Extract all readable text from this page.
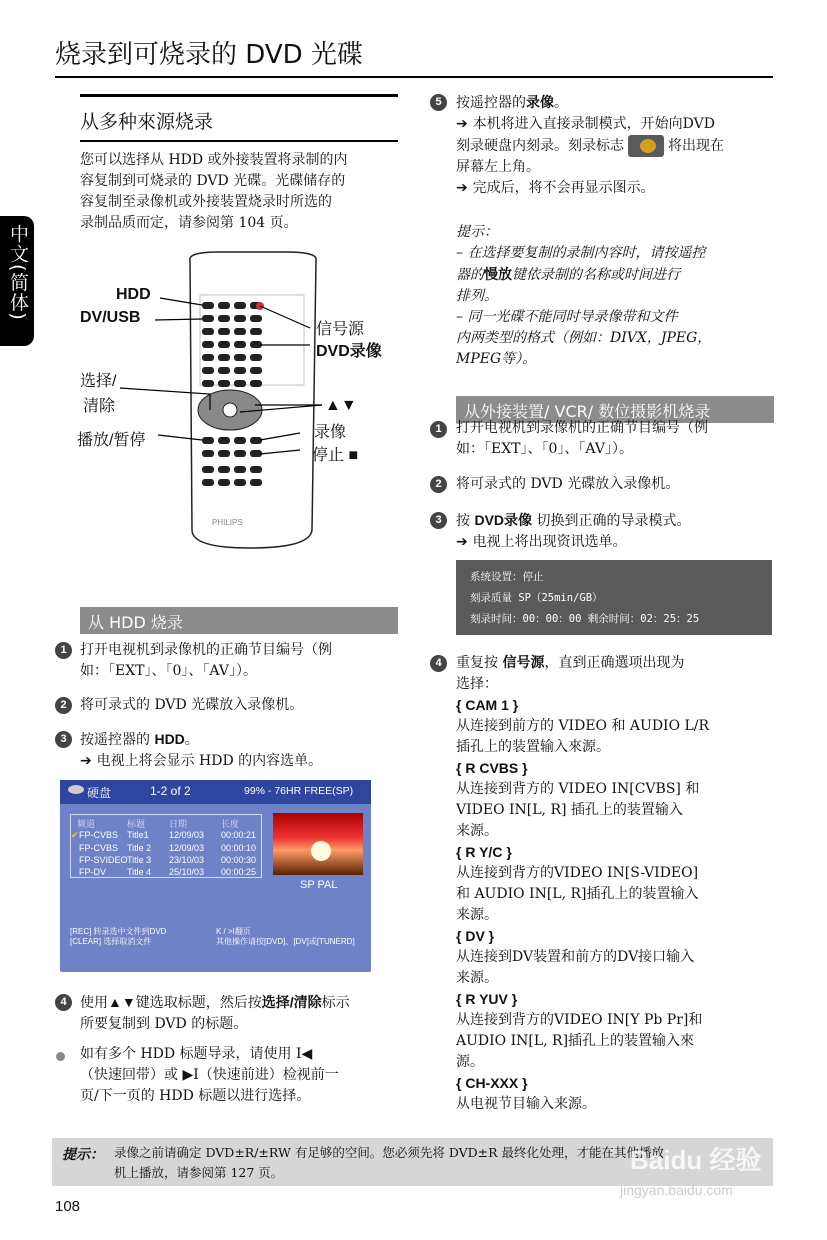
烧录到可烧录的 DVD 光碟
中文(简体)
从多种來源烧录
您可以选择从 HDD 或外接装置将录制的内
容复制到可烧录的 DVD 光碟。光碟储存的
容复制至录像机或外接装置烧录时所选的
录制品质而定，请参阅第 104 页。
HDD
DV/USB
选择/
清除
播放/暂停
信号源
DVD录像
▲▼
录像
停止 ■
PHILIPS
从 HDD 烧录
1 打开电视机到录像机的正确节目编号（例
如：「EXT」、「0」、「AV」）。
2 将可录式的 DVD 光碟放入录像机。
3 按遥控器的 HDD。
➔ 电视上将会显示 HDD 的内容选单。
硬盘	1-2 of 2	99% - 76HR FREE(SP)
频道	标题	日期	长度
✔ FP-CVBS Title1 12/09/03 00:00:21
FP-CVBS Title 2 12/09/03 00:00:10
FP-SVIDEO Title 3 23/10/03 00:00:30
FP-DV Title 4 25/10/03 00:00:25
SP PAL
[REC] 转录选中文件到DVD
[CLEAR] 选择取消文件
K / >I翻页
其他操作请按[DVD]、[DV]或[TUNERD]
4 使用▲▼键选取标题，然后按选择/清除标示
所要复制到 DVD 的标题。
如有多个 HDD 标题导录，请使用 I◀
（快速回带）或 ▶I（快速前进）检视前一
页/下一页的 HDD 标题以进行选择。
5	按遥控器的录像。
➔ 本机将进入直接录制模式，开始向DVD
刻录硬盘内刻录。刻录标志	将出现在
屏幕左上角。
➔ 完成后，将不会再显示图示。
提示：
– 在选择要复制的录制内容时，请按遥控
器的慢放键依录制的名称或时间进行
排列。
– 同一光碟不能同时导录像带和文件
内两类型的格式（例如：DIVX，JPEG，
MPEG等）。
从外接装置/ VCR/ 数位摄影机烧录
1	打开电视机到录像机的正确节目编号（例
如：「EXT」、「0」、「AV」）。
2	将可录式的 DVD 光碟放入录像机。
3	按 DVD录像 切换到正确的导录模式。
➔ 电视上将出现资讯选单。
系统设置：停止
刻录质量 SP（25min/GB）
刻录时间：00：00：00 剩余时间：02：25：25
4	重复按 信号源，直到正确選项出现为
选择：
{ CAM 1 }
从连接到前方的 VIDEO 和 AUDIO L/R
插孔上的装置输入來源。
{ R CVBS }
从连接到背方的 VIDEO IN[CVBS] 和
VIDEO IN[L, R] 插孔上的装置输入
来源。
{ R Y/C }
从连接到背方的VIDEO IN[S-VIDEO]
和 AUDIO IN[L, R]插孔上的装置输入
来源。
{ DV }
从连接到DV装置和前方的DV接口输入
来源。
{ R YUV }
从连接到背方的VIDEO IN[Y Pb Pr]和
AUDIO IN[L, R]插孔上的装置输入來
源。
{ CH-XXX }
从电视节目输入来源。
提示： 录像之前请确定 DVD±R/±RW 有足够的空间。您必须先将 DVD±R 最终化处理，才能在其他播放
机上播放，请参阅第 127 页。	Baidu 经验
jingyan.baidu.com
108
